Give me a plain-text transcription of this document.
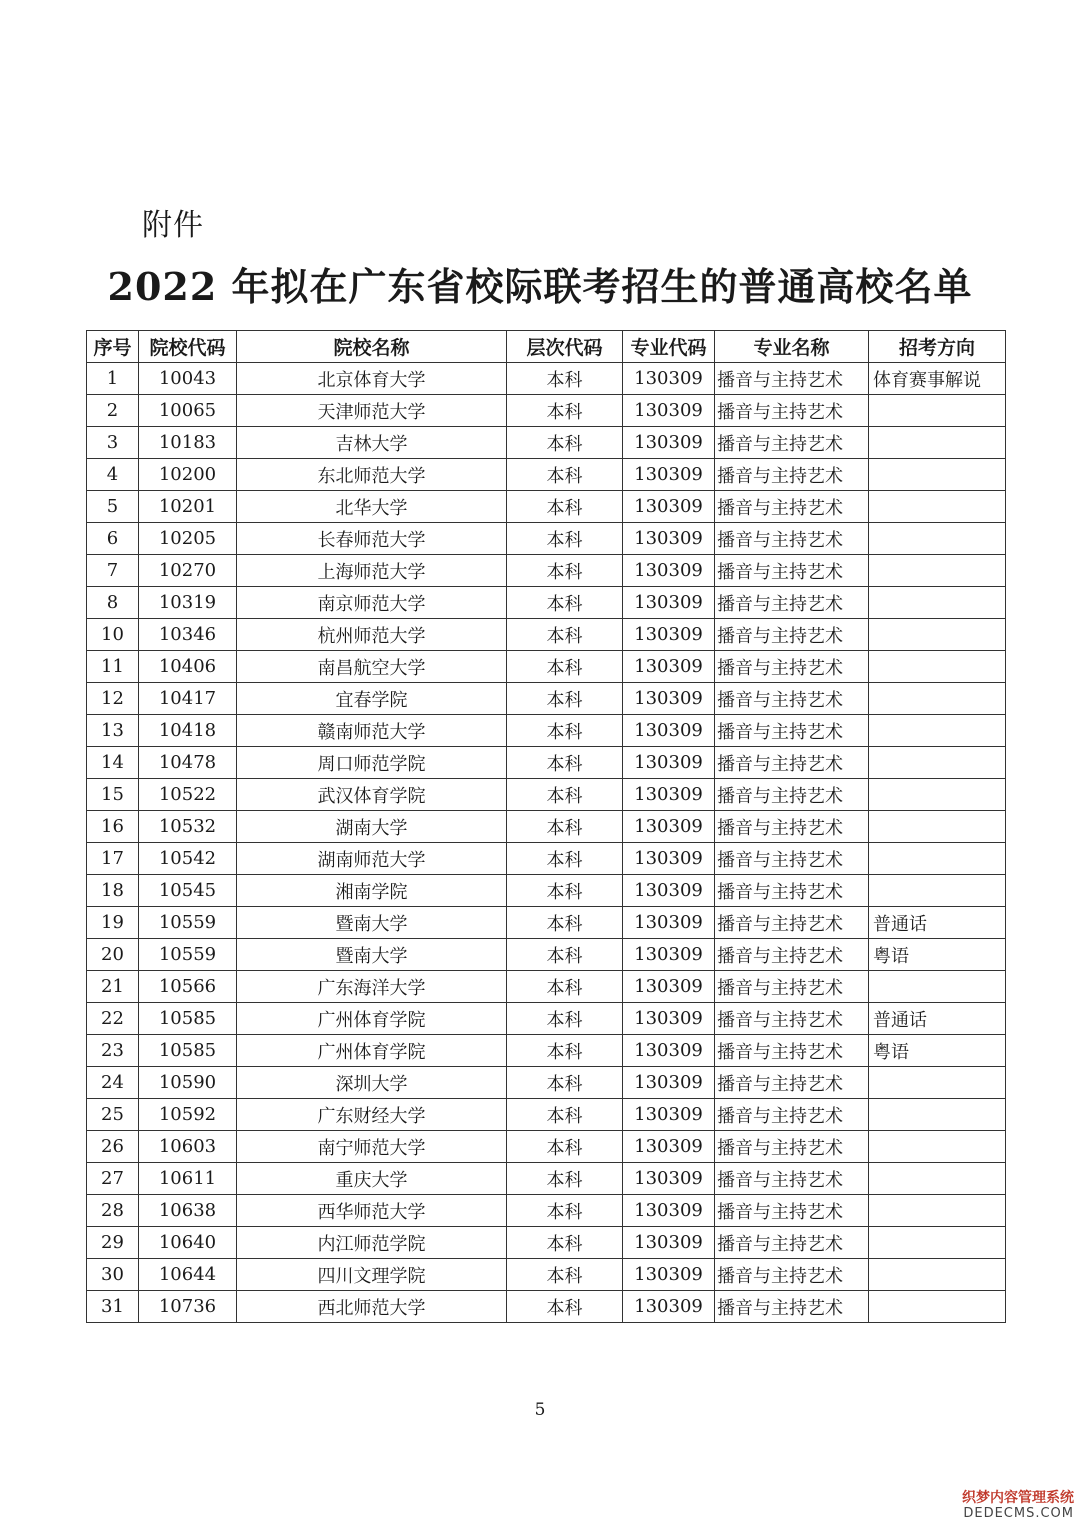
附件
2022 年拟在广东省校际联考招生的普通高校名单
序号	院校代码	院校名称	层次代码	专业代码	专业名称	招考方向
1	10043	北京体育大学	本科	130309	播音与主持艺术	体育赛事解说
2	10065	天津师范大学	本科	130309	播音与主持艺术	
3	10183	吉林大学	本科	130309	播音与主持艺术	
4	10200	东北师范大学	本科	130309	播音与主持艺术	
5	10201	北华大学	本科	130309	播音与主持艺术	
6	10205	长春师范大学	本科	130309	播音与主持艺术	
7	10270	上海师范大学	本科	130309	播音与主持艺术	
8	10319	南京师范大学	本科	130309	播音与主持艺术	
10	10346	杭州师范大学	本科	130309	播音与主持艺术	
11	10406	南昌航空大学	本科	130309	播音与主持艺术	
12	10417	宜春学院	本科	130309	播音与主持艺术	
13	10418	赣南师范大学	本科	130309	播音与主持艺术	
14	10478	周口师范学院	本科	130309	播音与主持艺术	
15	10522	武汉体育学院	本科	130309	播音与主持艺术	
16	10532	湖南大学	本科	130309	播音与主持艺术	
17	10542	湖南师范大学	本科	130309	播音与主持艺术	
18	10545	湘南学院	本科	130309	播音与主持艺术	
19	10559	暨南大学	本科	130309	播音与主持艺术	普通话
20	10559	暨南大学	本科	130309	播音与主持艺术	粤语
21	10566	广东海洋大学	本科	130309	播音与主持艺术	
22	10585	广州体育学院	本科	130309	播音与主持艺术	普通话
23	10585	广州体育学院	本科	130309	播音与主持艺术	粤语
24	10590	深圳大学	本科	130309	播音与主持艺术	
25	10592	广东财经大学	本科	130309	播音与主持艺术	
26	10603	南宁师范大学	本科	130309	播音与主持艺术	
27	10611	重庆大学	本科	130309	播音与主持艺术	
28	10638	西华师范大学	本科	130309	播音与主持艺术	
29	10640	内江师范学院	本科	130309	播音与主持艺术	
30	10644	四川文理学院	本科	130309	播音与主持艺术	
31	10736	西北师范大学	本科	130309	播音与主持艺术	
5
织梦内容管理系统
DEDECMS.COM
